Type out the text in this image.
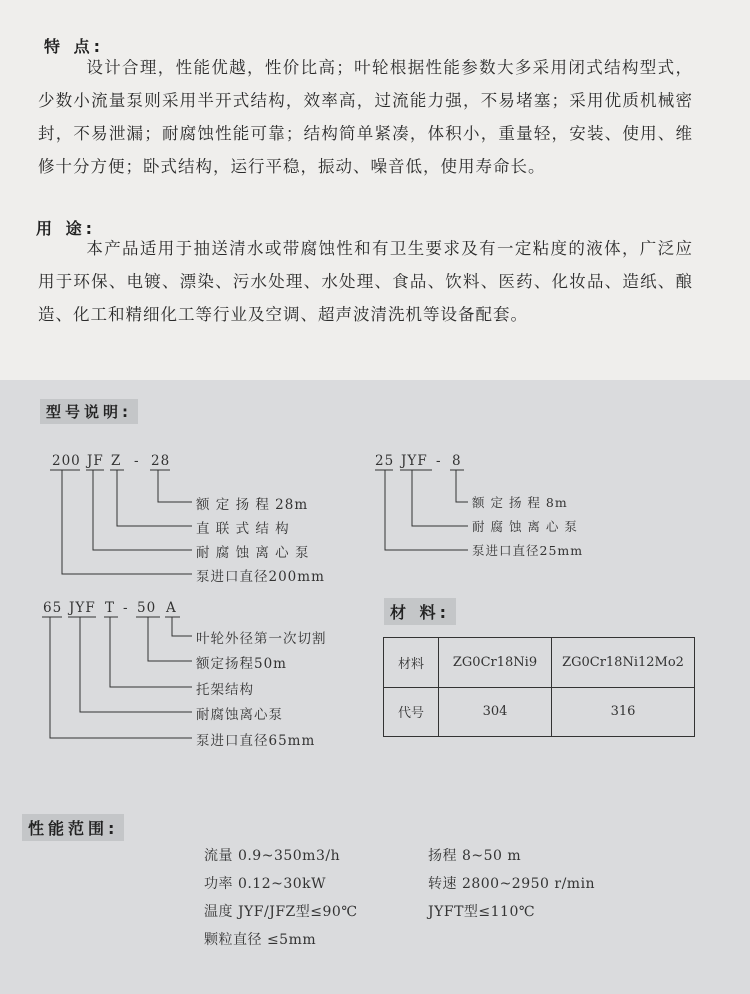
特 点:
设计合理，性能优越，性价比高；叶轮根据性能参数大多采用闭式结构型式，少数小流量泵则采用半开式结构，效率高，过流能力强，不易堵塞；采用优质机械密封，不易泄漏；耐腐蚀性能可靠；结构简单紧凑，体积小，重量轻，安装、使用、维修十分方便；卧式结构，运行平稳，振动、噪音低，使用寿命长。
用 途:
本产品适用于抽送清水或带腐蚀性和有卫生要求及有一定粘度的液体，广泛应用于环保、电镀、漂染、污水处理、水处理、食品、饮料、医药、化妆品、造纸、酿造、化工和精细化工等行业及空调、超声波清洗机等设备配套。
型号说明:
200 JF Z - 28
额 定 扬 程 28m
直 联 式 结 构
耐 腐 蚀 离 心 泵
泵进口直径200mm
25 JYF - 8
额 定 扬 程 8m
耐 腐 蚀 离 心 泵
泵进口直径25mm
65 JYF T - 50 A
叶轮外径第一次切割
额定扬程50m
托架结构
耐腐蚀离心泵
泵进口直径65mm
材 料:
材料	ZG0Cr18Ni9	ZG0Cr18Ni12Mo2
代号	304	316
性能范围:
流量 0.9~350m3/h	扬程 8~50 m
功率 0.12~30kW	转速 2800~2950 r/min
温度 JYF/JFZ型≤90℃	JYFT型≤110℃
颗粒直径 ≤5mm
